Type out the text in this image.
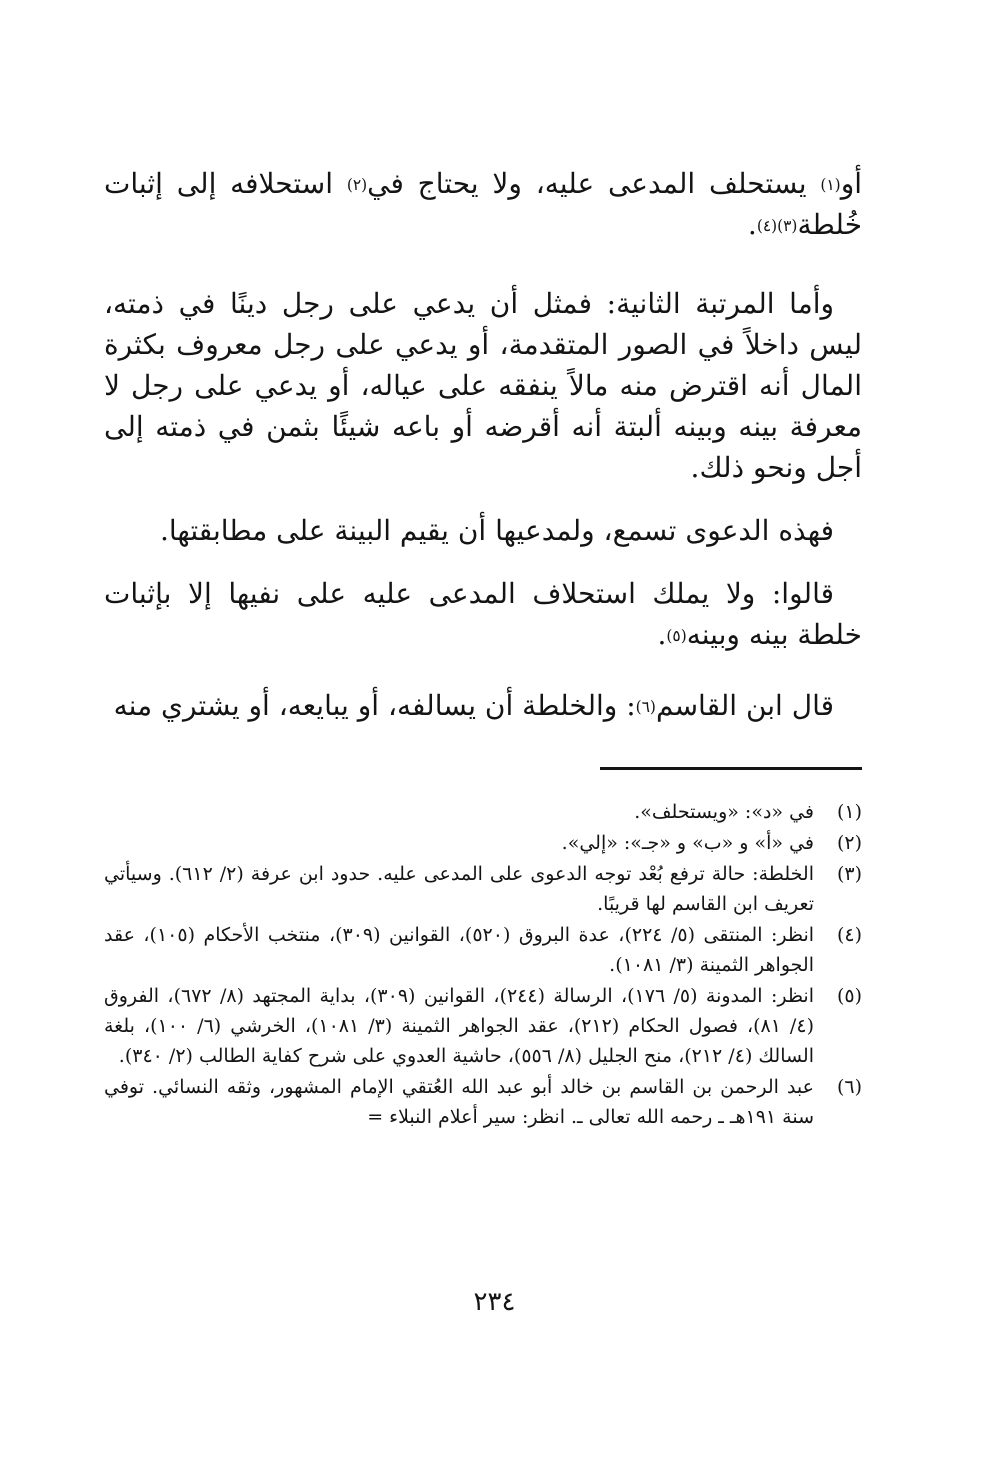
أو$^{(١)}$ يستحلف المدعى عليه، ولا يحتاج في$^{(٢)}$ استحلافه إلى إثبات خُلطة$^{(٣)(٤)}$.

وأما المرتبة الثانية: فمثل أن يدعي على رجل دينًا في ذمته، ليس داخلاً في الصور المتقدمة، أو يدعي على رجل معروف بكثرة المال أنه اقترض منه مالاً ينفقه على عياله، أو يدعي على رجل لا معرفة بينه وبينه ألبتة أنه أقرضه أو باعه شيئًا بثمن في ذمته إلى أجل ونحو ذلك.

فهذه الدعوى تسمع، ولمدعيها أن يقيم البينة على مطابقتها.

قالوا: ولا يملك استحلاف المدعى عليه على نفيها إلا بإثبات خلطة بينه وبينه$^{(٥)}$.

قال ابن القاسم$^{(٦)}$: والخلطة أن يسالفه، أو يبايعه، أو يشتري منه

(١)
في «د»: «ويستحلف».
(٢)
في «أ» و «ب» و «جـ»: «إلي».
(٣)
الخلطة: حالة ترفع بُعْد توجه الدعوى على المدعى عليه. حدود ابن عرفة (٢/ ٦١٢). وسيأتي تعريف ابن القاسم لها قريبًا.
(٤)
انظر: المنتقى (٥/ ٢٢٤)، عدة البروق (٥٢٠)، القوانين (٣٠٩)، منتخب الأحكام (١٠٥)، عقد الجواهر الثمينة (٣/ ١٠٨١).
(٥)
انظر: المدونة (٥/ ١٧٦)، الرسالة (٢٤٤)، القوانين (٣٠٩)، بداية المجتهد (٨/ ٦٧٢)، الفروق (٤/ ٨١)، فصول الحكام (٢١٢)، عقد الجواهر الثمينة (٣/ ١٠٨١)، الخرشي (٦/ ١٠٠)، بلغة السالك (٤/ ٢١٢)، منح الجليل (٨/ ٥٥٦)، حاشية العدوي على شرح كفاية الطالب (٢/ ٣٤٠).
(٦)
عبد الرحمن بن القاسم بن خالد أبو عبد الله العُتقي الإمام المشهور، وثقه النسائي. توفي سنة ١٩١هـ ـ رحمه الله تعالى ـ. انظر: سير أعلام النبلاء =
٢٣٤
